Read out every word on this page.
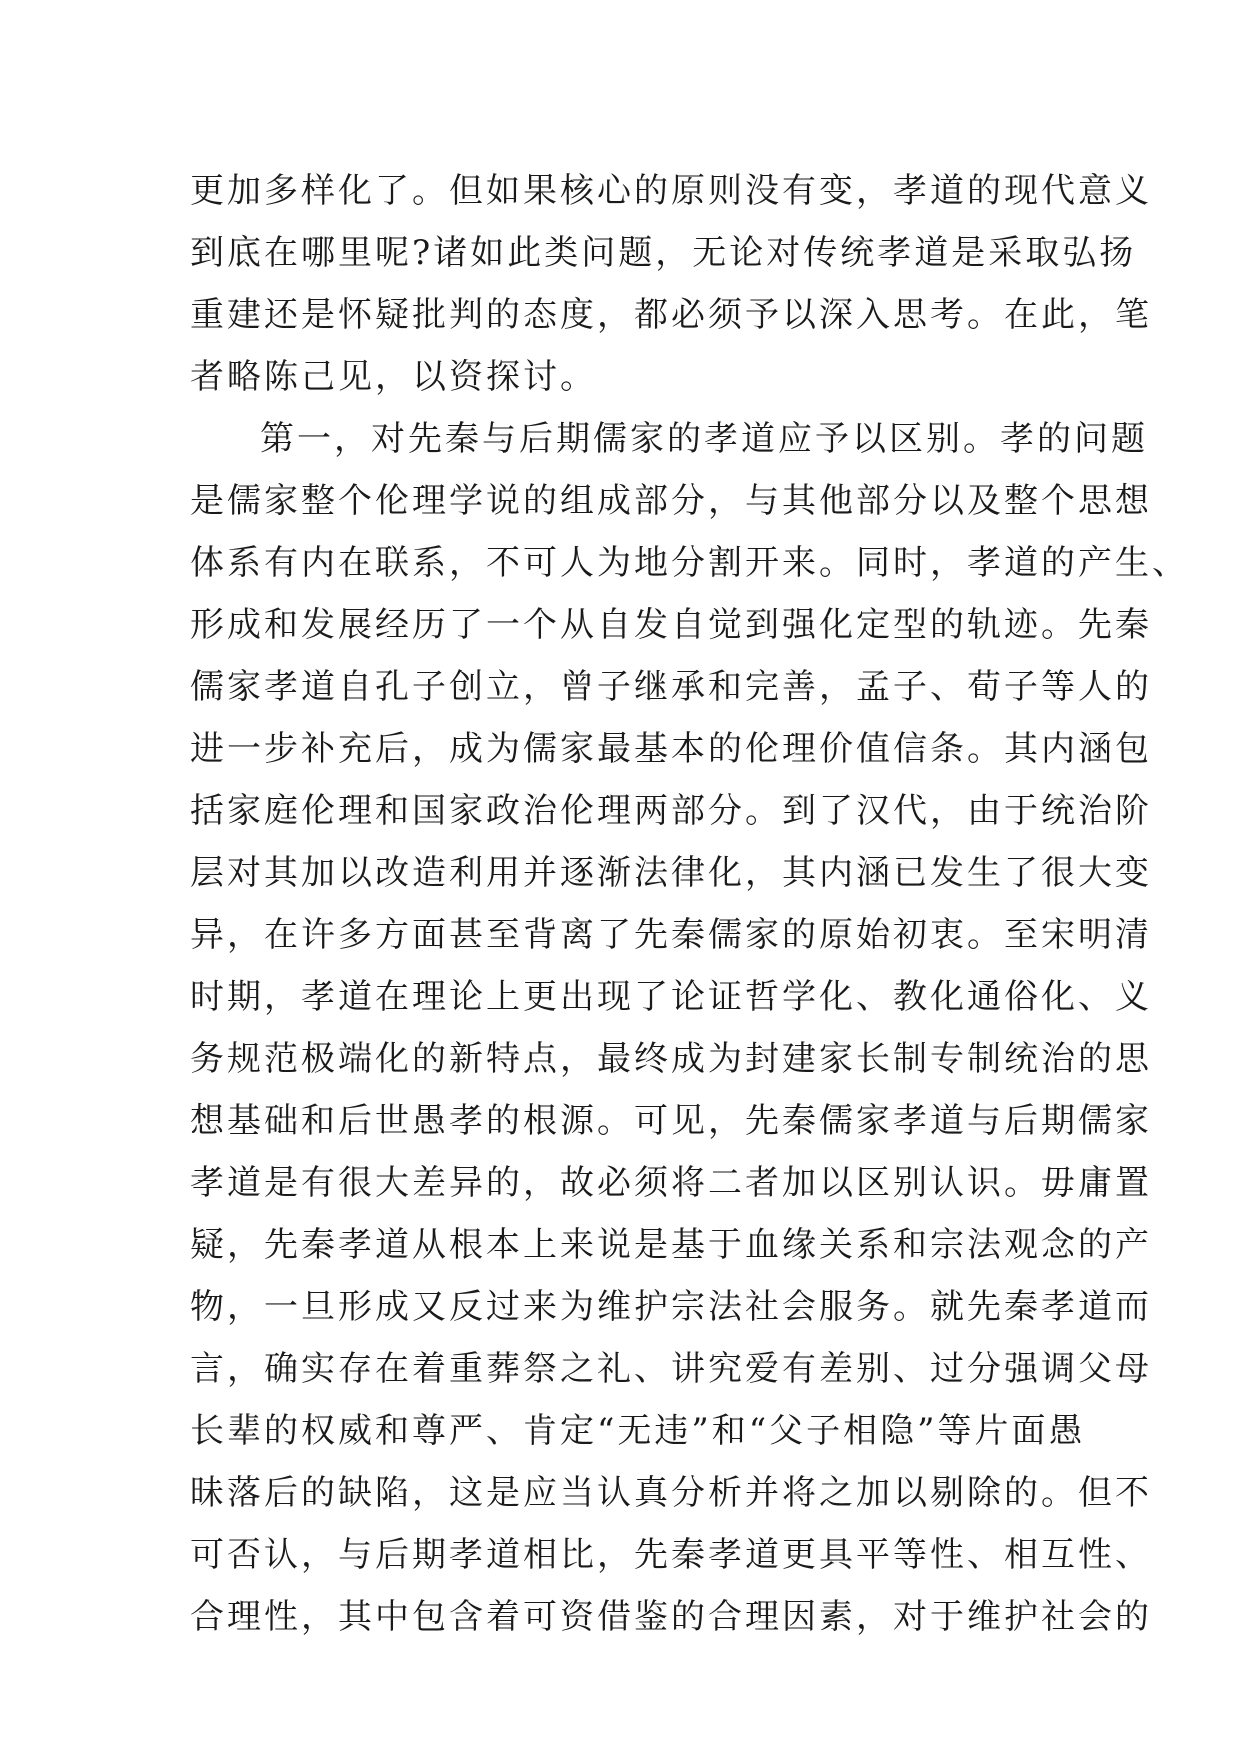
更加多样化了。但如果核心的原则没有变，孝道的现代意义
到底在哪里呢?诸如此类问题，无论对传统孝道是采取弘扬
重建还是怀疑批判的态度，都必须予以深入思考。在此，笔
者略陈己见，以资探讨。
第一，对先秦与后期儒家的孝道应予以区别。孝的问题
是儒家整个伦理学说的组成部分，与其他部分以及整个思想
体系有内在联系，不可人为地分割开来。同时，孝道的产生、
形成和发展经历了一个从自发自觉到强化定型的轨迹。先秦
儒家孝道自孔子创立，曾子继承和完善，孟子、荀子等人的
进一步补充后，成为儒家最基本的伦理价值信条。其内涵包
括家庭伦理和国家政治伦理两部分。到了汉代，由于统治阶
层对其加以改造利用并逐渐法律化，其内涵已发生了很大变
异，在许多方面甚至背离了先秦儒家的原始初衷。至宋明清
时期，孝道在理论上更出现了论证哲学化、教化通俗化、义
务规范极端化的新特点，最终成为封建家长制专制统治的思
想基础和后世愚孝的根源。可见，先秦儒家孝道与后期儒家
孝道是有很大差异的，故必须将二者加以区别认识。毋庸置
疑，先秦孝道从根本上来说是基于血缘关系和宗法观念的产
物，一旦形成又反过来为维护宗法社会服务。就先秦孝道而
言，确实存在着重葬祭之礼、讲究爱有差别、过分强调父母
长辈的权威和尊严、肯定“无违”和“父子相隐”等片面愚
昧落后的缺陷，这是应当认真分析并将之加以剔除的。但不
可否认，与后期孝道相比，先秦孝道更具平等性、相互性、
合理性，其中包含着可资借鉴的合理因素，对于维护社会的
